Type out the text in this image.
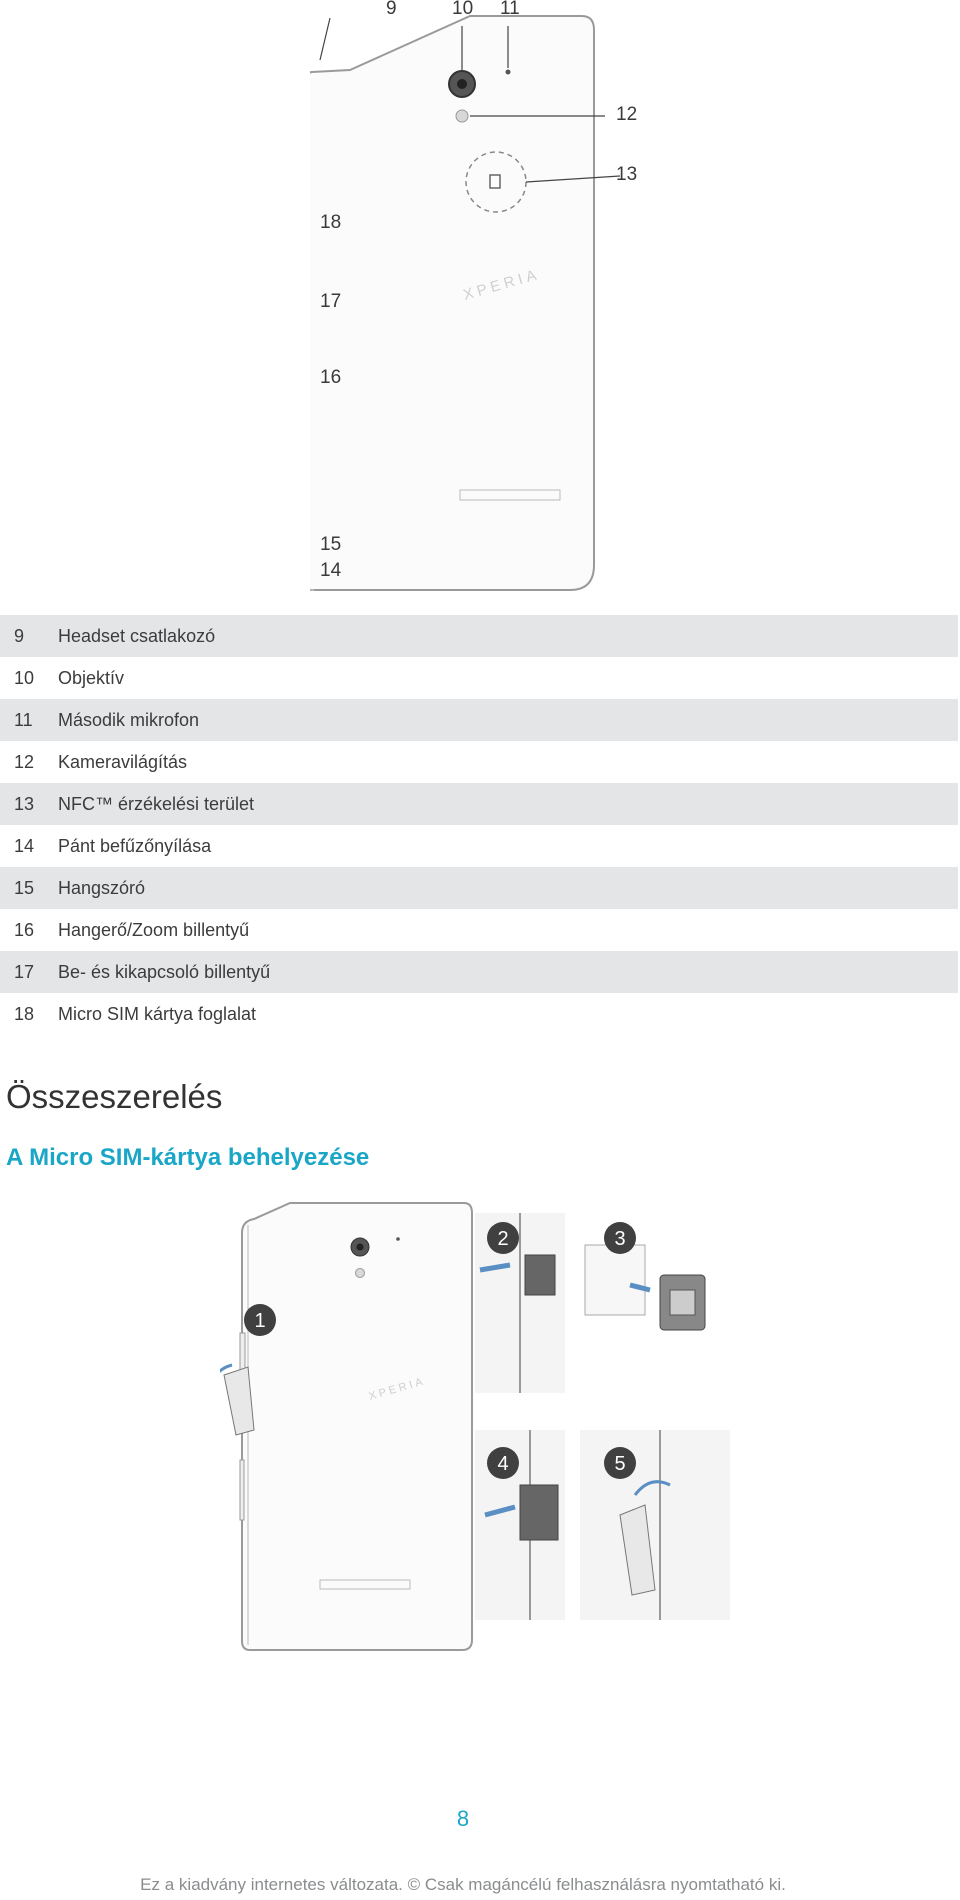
XPERIA
9	10 11
12
13
18
17
16
15
14
9	Headset csatlakozó
10	Objektív
11	Második mikrofon
12	Kameravilágítás
13	NFC™ érzékelési terület
14	Pánt befűzőnyílása
15	Hangszóró
16	Hangerő/Zoom billentyű
17	Be- és kikapcsoló billentyű
18	Micro SIM kártya foglalat
Összeszerelés
A Micro SIM-kártya behelyezése
XPERIA
1
2	3
4	5
8
Ez a kiadvány internetes változata. © Csak magáncélú felhasználásra nyomtatható ki.
